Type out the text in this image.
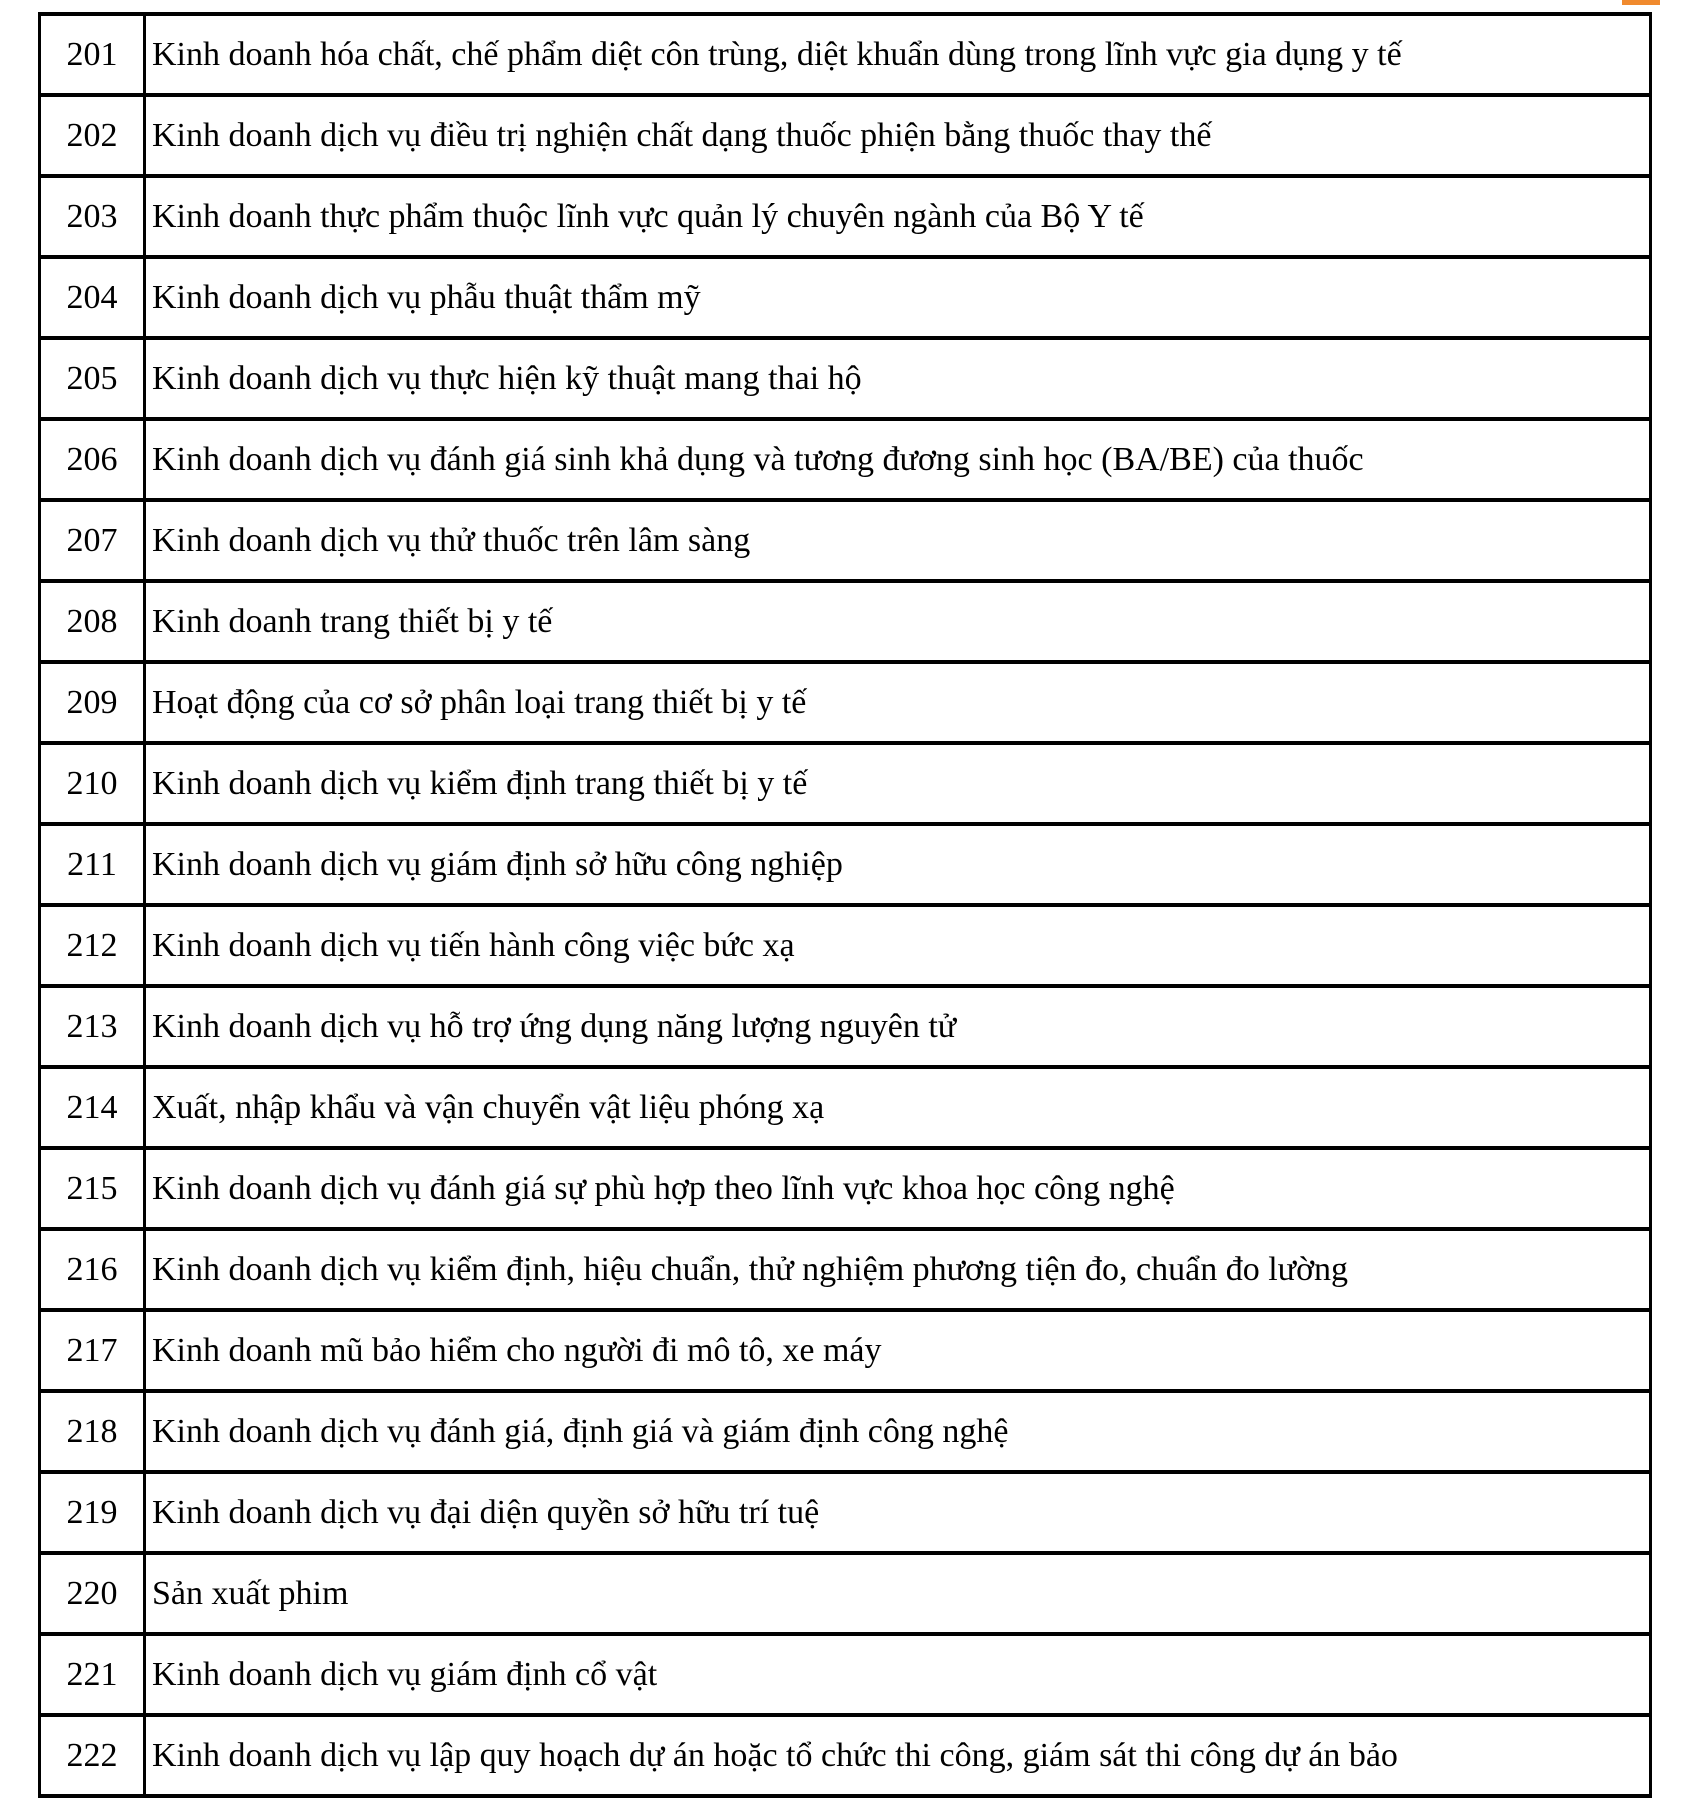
201	Kinh doanh hóa chất, chế phẩm diệt côn trùng, diệt khuẩn dùng trong lĩnh vực gia dụng y tế
202	Kinh doanh dịch vụ điều trị nghiện chất dạng thuốc phiện bằng thuốc thay thế
203	Kinh doanh thực phẩm thuộc lĩnh vực quản lý chuyên ngành của Bộ Y tế
204	Kinh doanh dịch vụ phẫu thuật thẩm mỹ
205	Kinh doanh dịch vụ thực hiện kỹ thuật mang thai hộ
206	Kinh doanh dịch vụ đánh giá sinh khả dụng và tương đương sinh học (BA/BE) của thuốc
207	Kinh doanh dịch vụ thử thuốc trên lâm sàng
208	Kinh doanh trang thiết bị y tế
209	Hoạt động của cơ sở phân loại trang thiết bị y tế
210	Kinh doanh dịch vụ kiểm định trang thiết bị y tế
211	Kinh doanh dịch vụ giám định sở hữu công nghiệp
212	Kinh doanh dịch vụ tiến hành công việc bức xạ
213	Kinh doanh dịch vụ hỗ trợ ứng dụng năng lượng nguyên tử
214	Xuất, nhập khẩu và vận chuyển vật liệu phóng xạ
215	Kinh doanh dịch vụ đánh giá sự phù hợp theo lĩnh vực khoa học công nghệ
216	Kinh doanh dịch vụ kiểm định, hiệu chuẩn, thử nghiệm phương tiện đo, chuẩn đo lường
217	Kinh doanh mũ bảo hiểm cho người đi mô tô, xe máy
218	Kinh doanh dịch vụ đánh giá, định giá và giám định công nghệ
219	Kinh doanh dịch vụ đại diện quyền sở hữu trí tuệ
220	Sản xuất phim
221	Kinh doanh dịch vụ giám định cổ vật
222	Kinh doanh dịch vụ lập quy hoạch dự án hoặc tổ chức thi công, giám sát thi công dự án bảo
